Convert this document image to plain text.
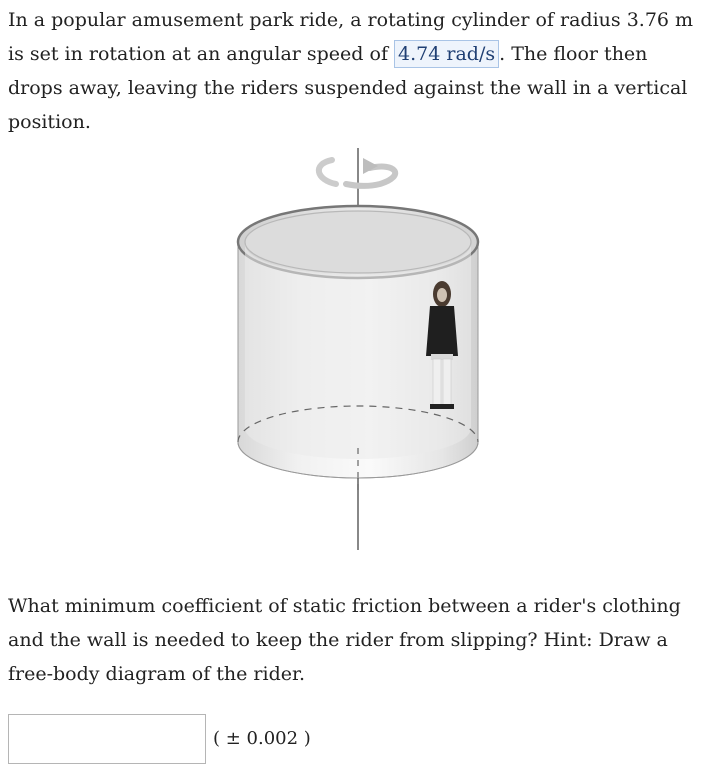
In a popular amusement park ride, a rotating cylinder of radius 3.76 m is set in rotation at an angular speed of 4.74 rad/s . The floor then drops away, leaving the riders suspended against the wall in a vertical position.

What minimum coefficient of static friction between a rider's clothing and the wall is needed to keep the rider from slipping? Hint: Draw a free-body diagram of the rider.

( ± 0.002 )
